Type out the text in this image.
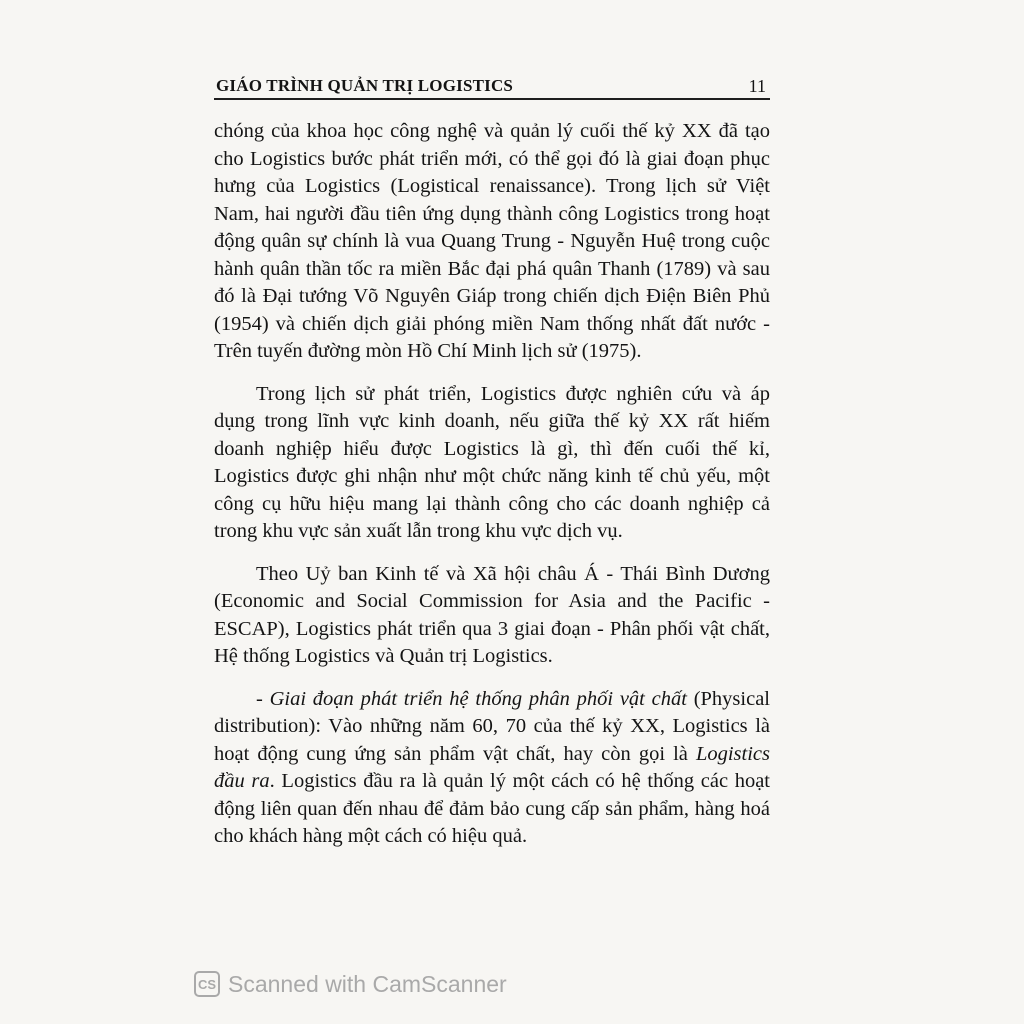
GIÁO TRÌNH QUẢN TRỊ LOGISTICS	11

chóng của khoa học công nghệ và quản lý cuối thế kỷ XX đã tạo cho Logistics bước phát triển mới, có thể gọi đó là giai đoạn phục hưng của Logistics (Logistical renaissance). Trong lịch sử Việt Nam, hai người đầu tiên ứng dụng thành công Logistics trong hoạt động quân sự chính là vua Quang Trung - Nguyễn Huệ trong cuộc hành quân thần tốc ra miền Bắc đại phá quân Thanh (1789) và sau đó là Đại tướng Võ Nguyên Giáp trong chiến dịch Điện Biên Phủ (1954) và chiến dịch giải phóng miền Nam thống nhất đất nước - Trên tuyến đường mòn Hồ Chí Minh lịch sử (1975).

Trong lịch sử phát triển, Logistics được nghiên cứu và áp dụng trong lĩnh vực kinh doanh, nếu giữa thế kỷ XX rất hiếm doanh nghiệp hiểu được Logistics là gì, thì đến cuối thế kỉ, Logistics được ghi nhận như một chức năng kinh tế chủ yếu, một công cụ hữu hiệu mang lại thành công cho các doanh nghiệp cả trong khu vực sản xuất lẫn trong khu vực dịch vụ.

Theo Uỷ ban Kinh tế và Xã hội châu Á - Thái Bình Dương (Economic and Social Commission for Asia and the Pacific - ESCAP), Logistics phát triển qua 3 giai đoạn - Phân phối vật chất, Hệ thống Logistics và Quản trị Logistics.

- Giai đoạn phát triển hệ thống phân phối vật chất (Physical distribution): Vào những năm 60, 70 của thế kỷ XX, Logistics là hoạt động cung ứng sản phẩm vật chất, hay còn gọi là Logistics đầu ra. Logistics đầu ra là quản lý một cách có hệ thống các hoạt động liên quan đến nhau để đảm bảo cung cấp sản phẩm, hàng hoá cho khách hàng một cách có hiệu quả.

CS Scanned with CamScanner
